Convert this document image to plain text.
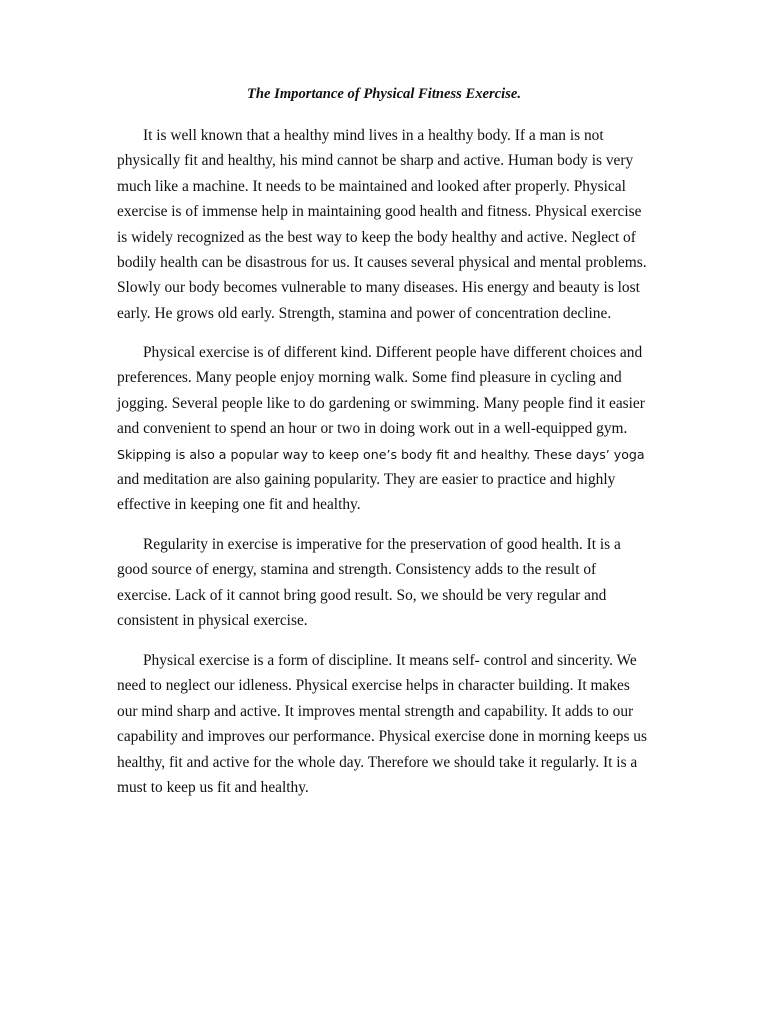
The Importance of Physical Fitness Exercise.

It is well known that a healthy mind lives in a healthy body. If a man is not
physically fit and healthy, his mind cannot be sharp and active. Human body is very
much like a machine. It needs to be maintained and looked after properly. Physical
exercise is of immense help in maintaining good health and fitness. Physical exercise
is widely recognized as the best way to keep the body healthy and active. Neglect of
bodily health can be disastrous for us. It causes several physical and mental problems.
Slowly our body becomes vulnerable to many diseases. His energy and beauty is lost
early. He grows old early. Strength, stamina and power of concentration decline.

Physical exercise is of different kind. Different people have different choices and
preferences. Many people enjoy morning walk. Some find pleasure in cycling and
jogging. Several people like to do gardening or swimming. Many people find it easier
and convenient to spend an hour or two in doing work out in a well-equipped gym.
Skipping is also a popular way to keep one’s body fit and healthy. These days’ yoga
and meditation are also gaining popularity. They are easier to practice and highly
effective in keeping one fit and healthy.

Regularity in exercise is imperative for the preservation of good health. It is a
good source of energy, stamina and strength. Consistency adds to the result of
exercise. Lack of it cannot bring good result. So, we should be very regular and
consistent in physical exercise.

Physical exercise is a form of discipline. It means self- control and sincerity. We
need to neglect our idleness. Physical exercise helps in character building. It makes
our mind sharp and active. It improves mental strength and capability. It adds to our
capability and improves our performance. Physical exercise done in morning keeps us
healthy, fit and active for the whole day. Therefore we should take it regularly. It is a
must to keep us fit and healthy.
